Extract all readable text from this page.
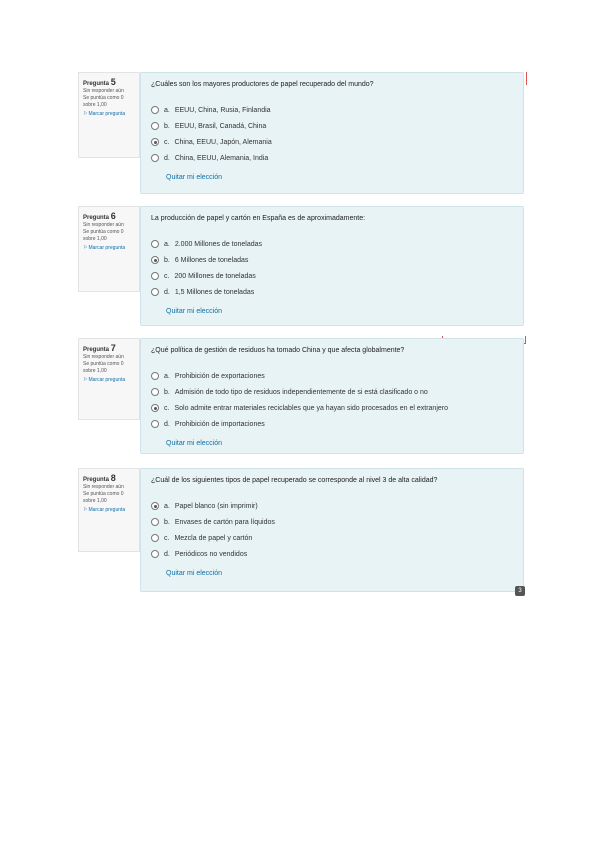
Pregunta 5
Sin responder aún
Se puntúa como 0 sobre 1,00
⚐Marcar pregunta
¿Cuáles son los mayores productores de papel recuperado del mundo?
a. EEUU, China, Rusia, Finlandia
b. EEUU, Brasil, Canadá, China
c. China, EEUU, Japón, Alemania
d. China, EEUU, Alemania, India
Quitar mi elección
Pregunta 6
Sin responder aún
Se puntúa como 0 sobre 1,00
⚐Marcar pregunta
La producción de papel y cartón en España es de aproximadamente:
a. 2.000 Millones de toneladas
b. 6 Millones de toneladas
c. 200 Millones de toneladas
d. 1,5 Millones de toneladas
Quitar mi elección
Pregunta 7
Sin responder aún
Se puntúa como 0 sobre 1,00
⚐Marcar pregunta
¿Qué política de gestión de residuos ha tomado China y que afecta globalmente?
a. Prohibición de exportaciones
b. Admisión de todo tipo de residuos independientemente de si está clasificado o no
c. Solo admite entrar materiales reciclables que ya hayan sido procesados en el extranjero
d. Prohibición de importaciones
Quitar mi elección
Pregunta 8
Sin responder aún
Se puntúa como 0 sobre 1,00
⚐Marcar pregunta
¿Cuál de los siguientes tipos de papel recuperado se corresponde al nivel 3 de alta calidad?
a. Papel blanco (sin imprimir)
b. Envases de cartón para líquidos
c. Mezcla de papel y cartón
d. Periódicos no vendidos
Quitar mi elección
3
